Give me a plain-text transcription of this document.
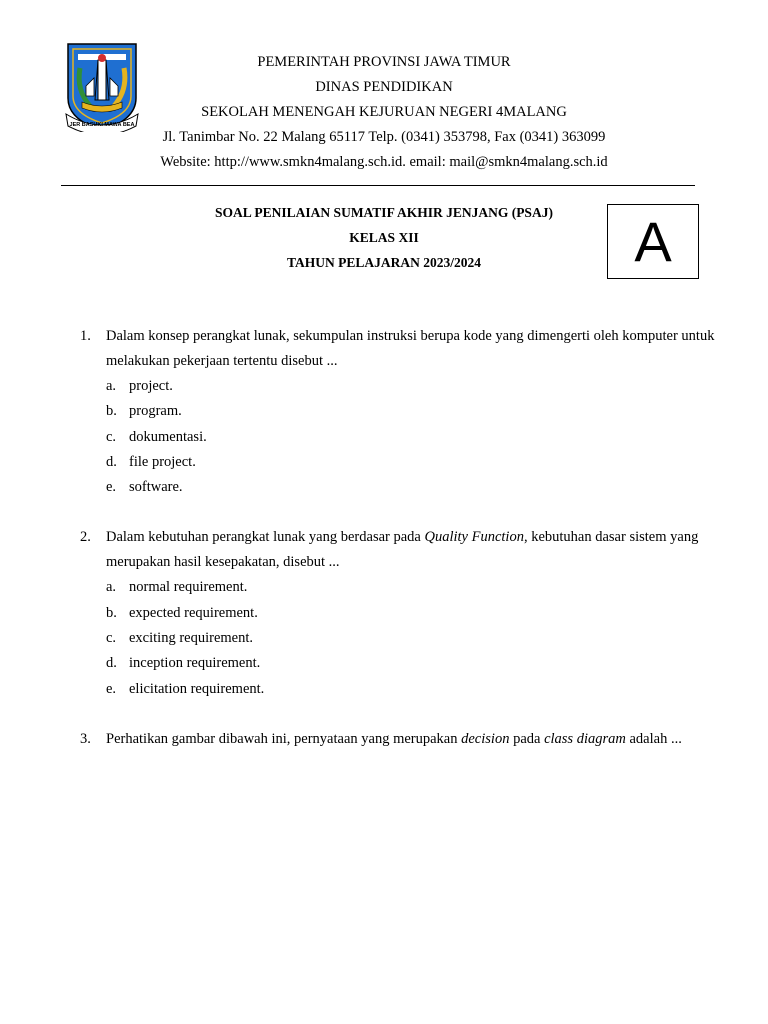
JER BASUKI MAWA BEA
PEMERINTAH PROVINSI JAWA TIMUR
DINAS PENDIDIKAN
SEKOLAH MENENGAH KEJURUAN NEGERI 4MALANG
Jl. Tanimbar No. 22 Malang 65117 Telp. (0341) 353798, Fax (0341) 363099
Website: http://www.smkn4malang.sch.id. email: mail@smkn4malang.sch.id
SOAL PENILAIAN SUMATIF AKHIR JENJANG (PSAJ)
KELAS XII
TAHUN PELAJARAN 2023/2024	A
1.	Dalam konsep perangkat lunak, sekumpulan instruksi berupa kode yang dimengerti oleh komputer untuk melakukan pekerjaan tertentu disebut ...
a. project.
b. program.
c. dokumentasi.
d. file project.
e. software.
2.	Dalam kebutuhan perangkat lunak yang berdasar pada Quality Function, kebutuhan dasar sistem yang merupakan hasil kesepakatan, disebut ...
a. normal requirement.
b. expected requirement.
c. exciting requirement.
d. inception requirement.
e. elicitation requirement.
3.	Perhatikan gambar dibawah ini, pernyataan yang merupakan decision pada class diagram adalah ...
